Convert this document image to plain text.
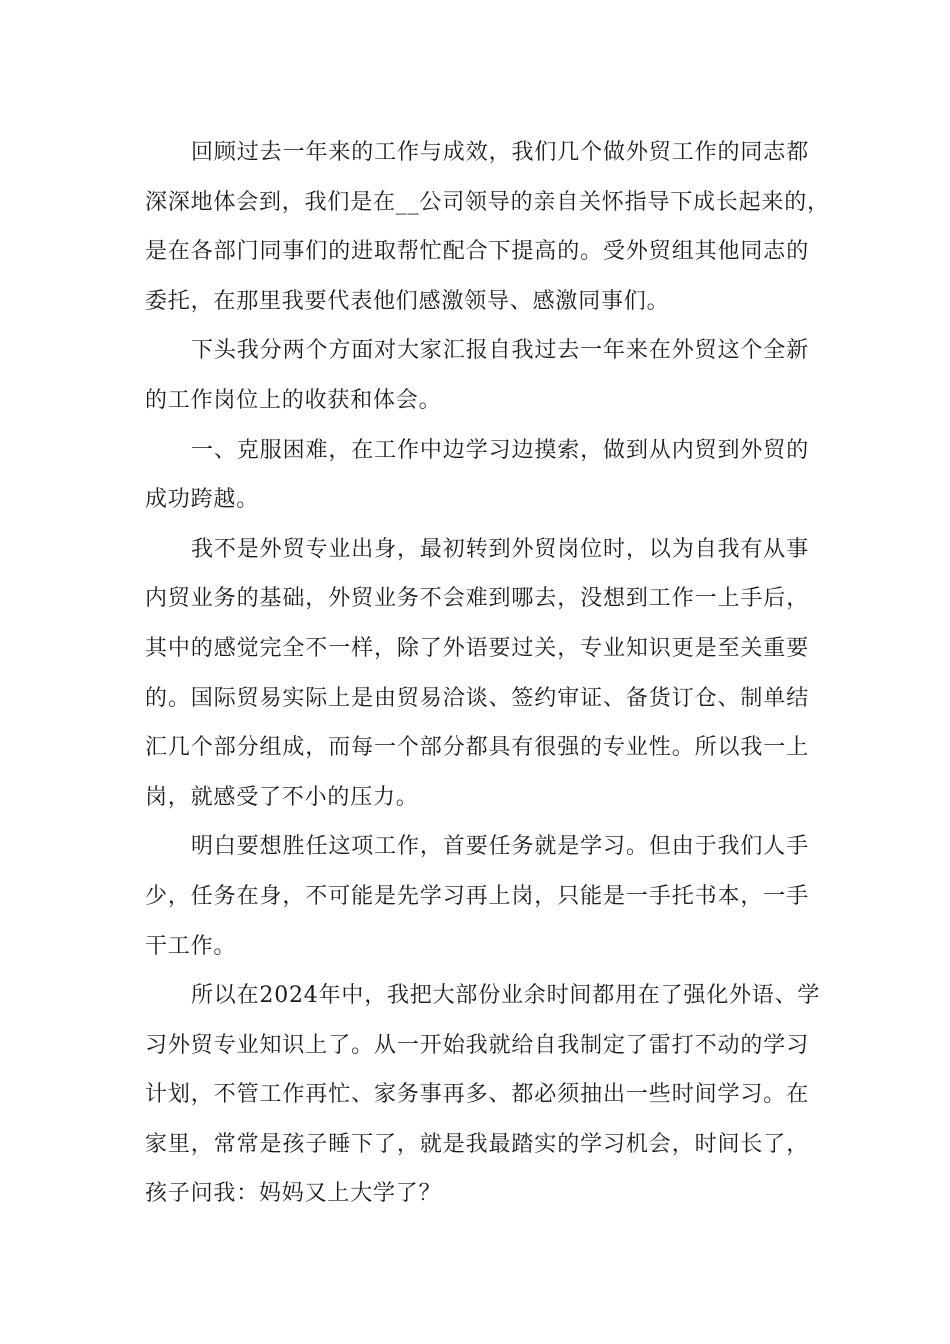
回顾过去一年来的工作与成效，我们几个做外贸工作的同志都
深深地体会到，我们是在__公司领导的亲自关怀指导下成长起来的，
是在各部门同事们的进取帮忙配合下提高的。受外贸组其他同志的
委托，在那里我要代表他们感激领导、感激同事们。
下头我分两个方面对大家汇报自我过去一年来在外贸这个全新
的工作岗位上的收获和体会。
一、克服困难，在工作中边学习边摸索，做到从内贸到外贸的
成功跨越。
我不是外贸专业出身，最初转到外贸岗位时，以为自我有从事
内贸业务的基础，外贸业务不会难到哪去，没想到工作一上手后，
其中的感觉完全不一样，除了外语要过关，专业知识更是至关重要
的。国际贸易实际上是由贸易洽谈、签约审证、备货订仓、制单结
汇几个部分组成，而每一个部分都具有很强的专业性。所以我一上
岗，就感受了不小的压力。
明白要想胜任这项工作，首要任务就是学习。但由于我们人手
少，任务在身，不可能是先学习再上岗，只能是一手托书本，一手
干工作。
所以在2024年中，我把大部份业余时间都用在了强化外语、学
习外贸专业知识上了。从一开始我就给自我制定了雷打不动的学习
计划，不管工作再忙、家务事再多、都必须抽出一些时间学习。在
家里，常常是孩子睡下了，就是我最踏实的学习机会，时间长了，
孩子问我：妈妈又上大学了？
